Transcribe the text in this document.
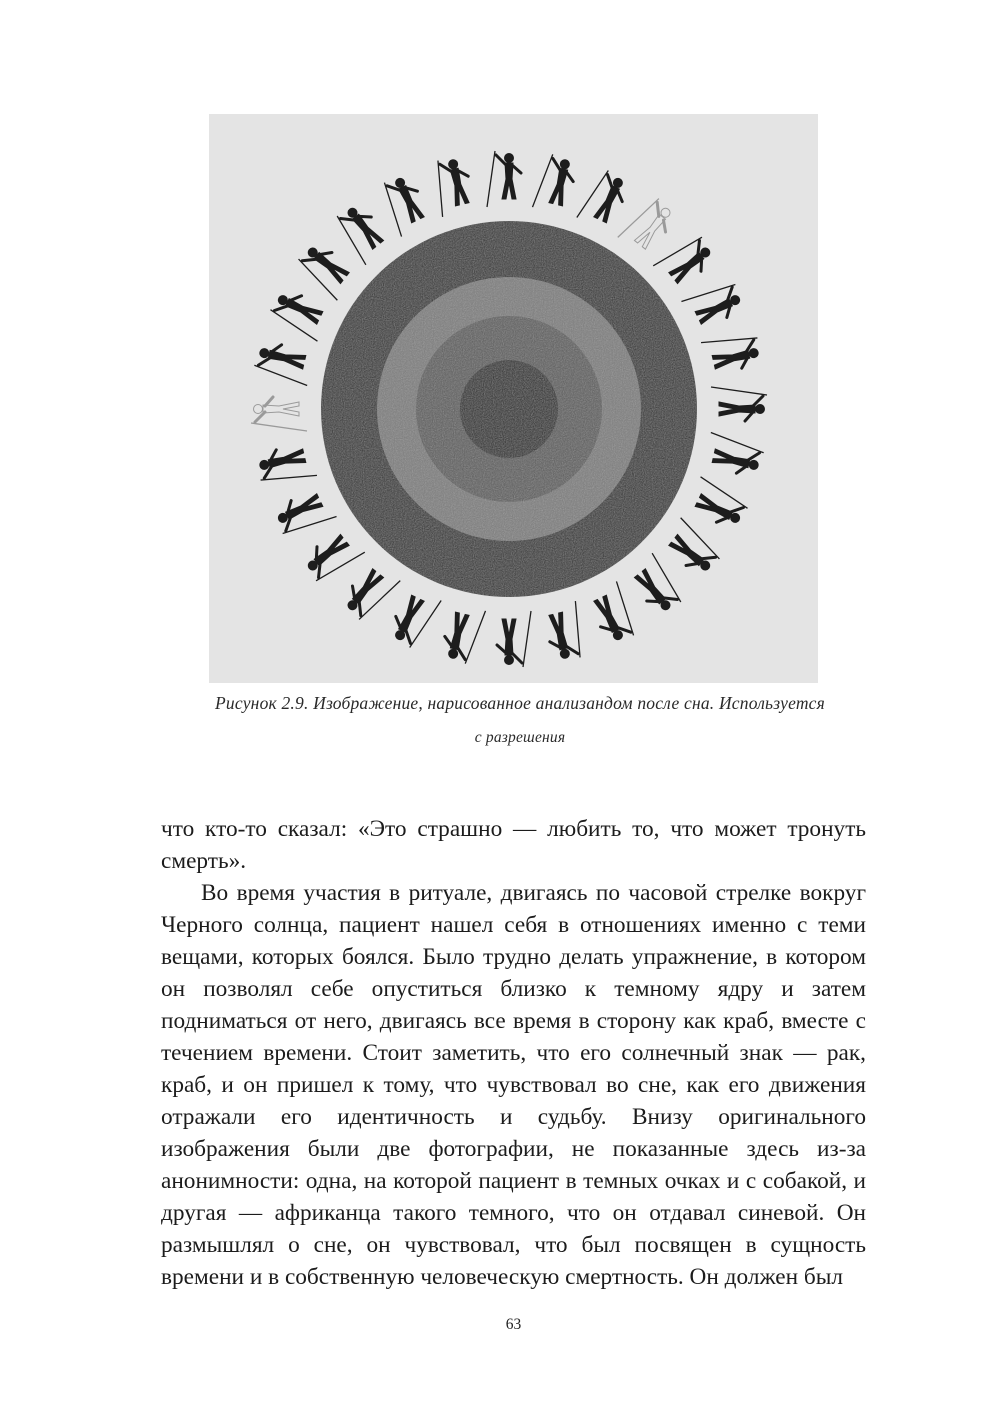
Рисунок 2.9. Изображение, нарисованное анализандом после сна. Используется
с разрешения

что кто-то сказал: «Это страшно — любить то, что может тронуть смерть».

Во время участия в ритуале, двигаясь по часовой стрелке вокруг Черного солнца, пациент нашел себя в отношениях именно с теми вещами, которых боялся. Было трудно делать упражнение, в котором он позволял себе опуститься близко к темному ядру и затем подниматься от него, двигаясь все время в сторону как краб, вместе с течением времени. Стоит заметить, что его солнечный знак — рак, краб, и он пришел к тому, что чувствовал во сне, как его движения отражали его идентичность и судьбу. Внизу оригинального изображения были две фотографии, не показанные здесь из-за анонимности: одна, на которой пациент в темных очках и с собакой, и другая — африканца такого темного, что он отдавал синевой. Он размышлял о сне, он чувствовал, что был посвящен в сущность времени и в собственную человеческую смертность. Он должен был

63
